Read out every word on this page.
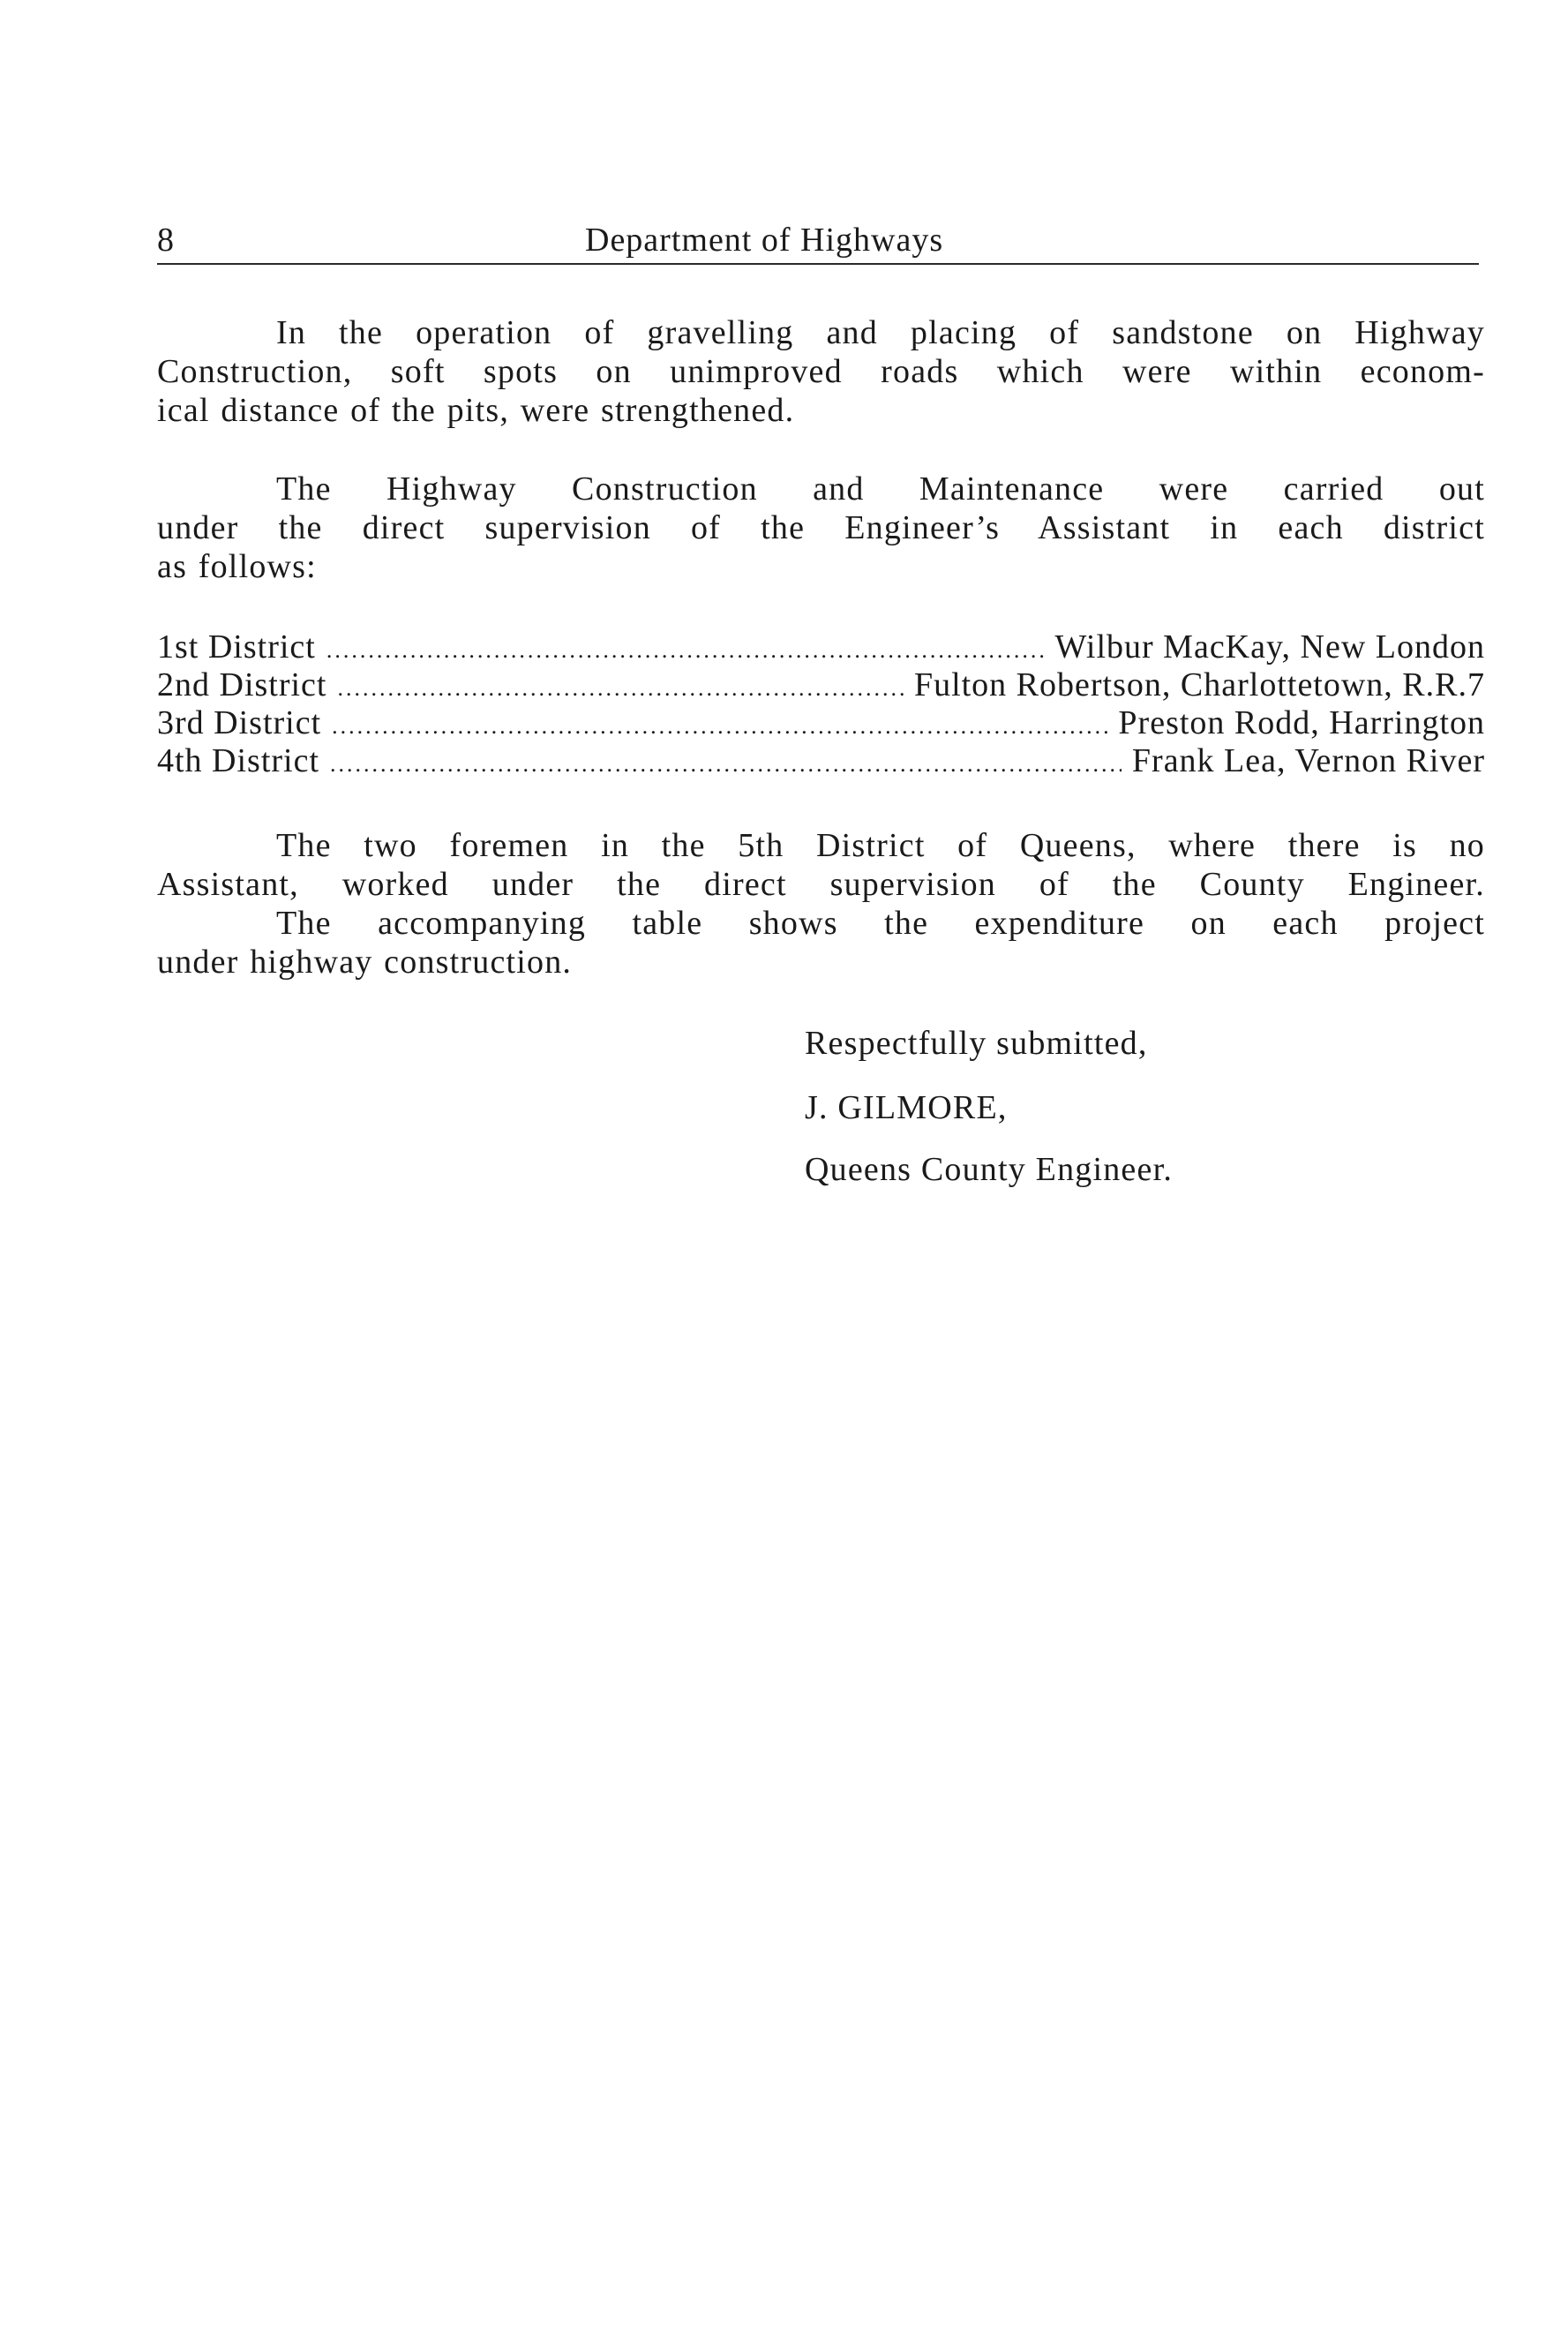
8	Department of Highways
In the operation of gravelling and placing of sandstone on Highway
Construction, soft spots on unimproved roads which were within econom-
ical distance of the pits, were strengthened.
The Highway Construction and Maintenance were carried out
under the direct supervision of the Engineer’s Assistant in each district
as follows:
1st District .....	Wilbur MacKay, New London
2nd District .....	Fulton Robertson, Charlottetown, R.R.7
3rd District .....	Preston Rodd, Harrington
4th District .....	Frank Lea, Vernon River
The two foremen in the 5th District of Queens, where there is no
Assistant, worked under the direct supervision of the County Engineer.
The accompanying table shows the expenditure on each project
under highway construction.
Respectfully submitted,
J. GILMORE,
Queens County Engineer.
